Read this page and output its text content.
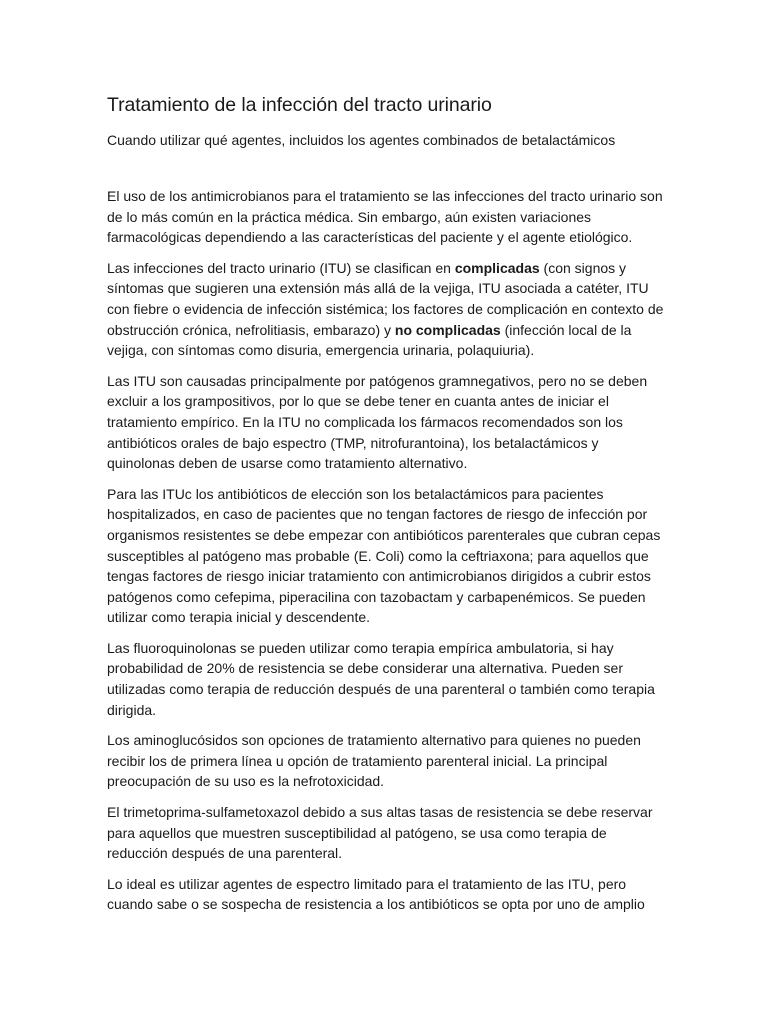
Tratamiento de la infección del tracto urinario

Cuando utilizar qué agentes, incluidos los agentes combinados de betalactámicos

El uso de los antimicrobianos para el tratamiento se las infecciones del tracto urinario son de lo más común en la práctica médica. Sin embargo, aún existen variaciones farmacológicas dependiendo a las características del paciente y el agente etiológico.

Las infecciones del tracto urinario (ITU) se clasifican en complicadas (con signos y síntomas que sugieren una extensión más allá de la vejiga, ITU asociada a catéter, ITU con fiebre o evidencia de infección sistémica; los factores de complicación en contexto de obstrucción crónica, nefrolitiasis, embarazo) y no complicadas (infección local de la vejiga, con síntomas como disuria, emergencia urinaria, polaquiuria).

Las ITU son causadas principalmente por patógenos gramnegativos, pero no se deben excluir a los grampositivos, por lo que se debe tener en cuanta antes de iniciar el tratamiento empírico. En la ITU no complicada los fármacos recomendados son los antibióticos orales de bajo espectro (TMP, nitrofurantoina), los betalactámicos y quinolonas deben de usarse como tratamiento alternativo.

Para las ITUc los antibióticos de elección son los betalactámicos para pacientes hospitalizados, en caso de pacientes que no tengan factores de riesgo de infección por organismos resistentes se debe empezar con antibióticos parenterales que cubran cepas susceptibles al patógeno mas probable (E. Coli) como la ceftriaxona; para aquellos que tengas factores de riesgo iniciar tratamiento con antimicrobianos dirigidos a cubrir estos patógenos como cefepima, piperacilina con tazobactam y carbapenémicos. Se pueden utilizar como terapia inicial y descendente.

Las fluoroquinolonas se pueden utilizar como terapia empírica ambulatoria, si hay probabilidad de 20% de resistencia se debe considerar una alternativa. Pueden ser utilizadas como terapia de reducción después de una parenteral o también como terapia dirigida.

Los aminoglucósidos son opciones de tratamiento alternativo para quienes no pueden recibir los de primera línea u opción de tratamiento parenteral inicial. La principal preocupación de su uso es la nefrotoxicidad.

El trimetoprima-sulfametoxazol debido a sus altas tasas de resistencia se debe reservar para aquellos que muestren susceptibilidad al patógeno, se usa como terapia de reducción después de una parenteral.

Lo ideal es utilizar agentes de espectro limitado para el tratamiento de las ITU, pero cuando sabe o se sospecha de resistencia a los antibióticos se opta por uno de amplio
